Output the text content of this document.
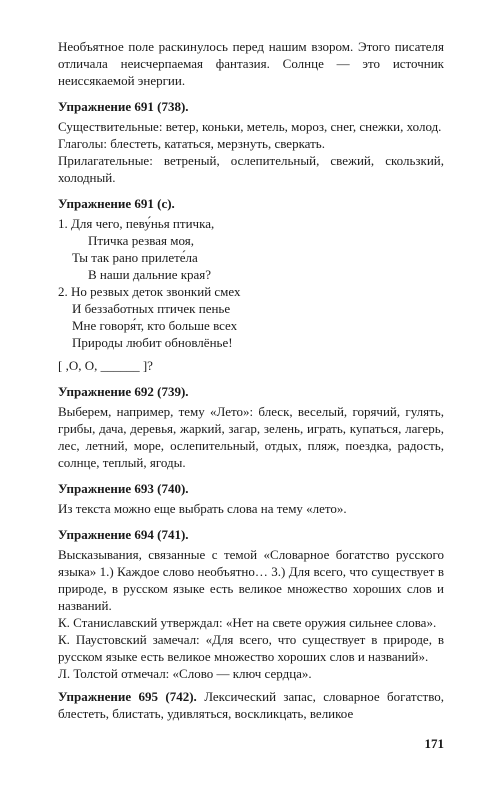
Необъятное поле раскинулось перед нашим взором. Этого писателя отличала неисчерпаемая фантазия. Солнце — это источник неиссякаемой энергии.

Упражнение 691 (738).

Существительные: ветер, коньки, метель, мороз, снег, снежки, холод.

Глаголы: блестеть, кататься, мерзнуть, сверкать.

Прилагательные: ветреный, ослепительный, свежий, скользкий, холодный.

Упражнение 691 (с).

1. Для чего, певу́нья птичка,
Птичка резвая моя,
Ты так рано прилете́ла
В наши дальние края?
2. Но резвых деток звонкий смех
И беззаботных птичек пенье
Мне говоря́т, кто больше всех
Природы любит обновлёнье!

[ ,O, O, ______ ]?

Упражнение 692 (739).

Выберем, например, тему «Лето»: блеск, веселый, горячий, гулять, грибы, дача, деревья, жаркий, загар, зелень, играть, купаться, лагерь, лес, летний, море, ослепительный, отдых, пляж, поездка, радость, солнце, теплый, ягоды.

Упражнение 693 (740).

Из текста можно еще выбрать слова на тему «лето».

Упражнение 694 (741).

Высказывания, связанные с темой «Словарное богатство русского языка» 1.) Каждое слово необъятно… 3.) Для всего, что существует в природе, в русском языке есть великое множество хороших слов и названий.

К. Станиславский утверждал: «Нет на свете оружия сильнее слова».

К. Паустовский замечал: «Для всего, что существует в природе, в русском языке есть великое множество хороших слов и названий».

Л. Толстой отмечал: «Слово — ключ сердца».

Упражнение 695 (742). Лексический запас, словарное богатство, блестеть, блистать, удивляться, воскликцать, великое

171
